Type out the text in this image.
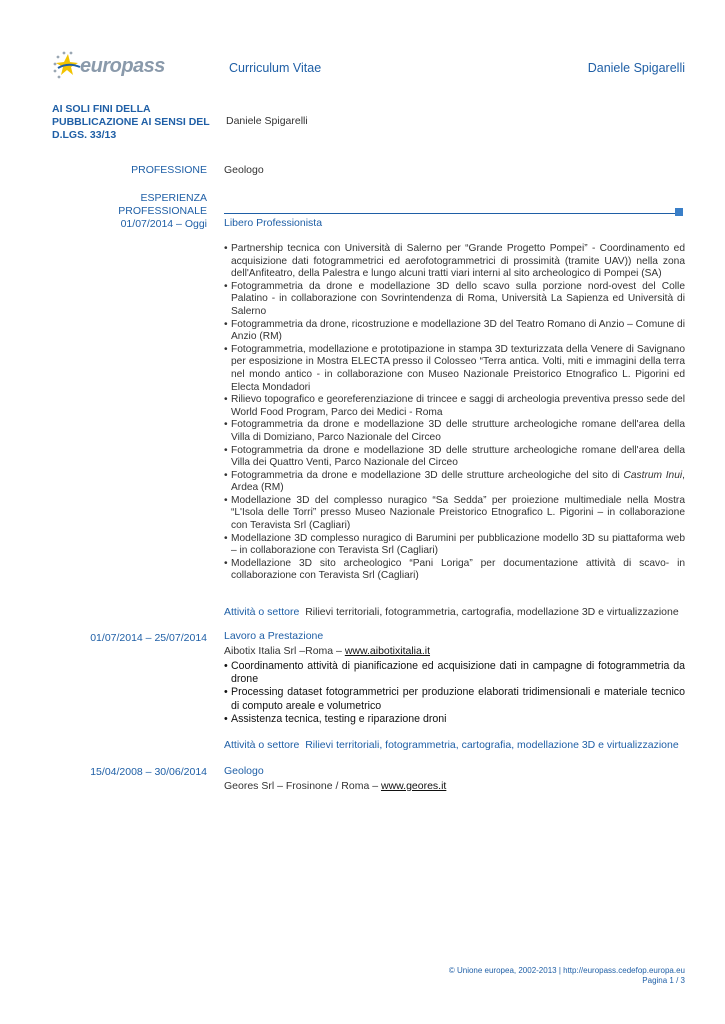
europass	Curriculum Vitae	Daniele Spigarelli
AI SOLI FINI DELLA PUBBLICAZIONE AI SENSI DEL D.LGS. 33/13
Daniele Spigarelli
PROFESSIONE Geologo
ESPERIENZA
PROFESSIONALE
01/07/2014 – Oggi Libero Professionista
• Partnership tecnica con Università di Salerno per “Grande Progetto Pompei” - Coordinamento ed acquisizione dati fotogrammetrici ed aerofotogrammetrici di prossimità (tramite UAV)) nella zona dell'Anfiteatro, della Palestra e lungo alcuni tratti viari interni al sito archeologico di Pompei (SA)
• Fotogrammetria da drone e modellazione 3D dello scavo sulla porzione nord-ovest del Colle Palatino - in collaborazione con Sovrintendenza di Roma, Università La Sapienza ed Università di Salerno
• Fotogrammetria da drone, ricostruzione e modellazione 3D del Teatro Romano di Anzio – Comune di Anzio (RM)
• Fotogrammetria, modellazione e prototipazione in stampa 3D texturizzata della Venere di Savignano per esposizione in Mostra ELECTA presso il Colosseo “Terra antica. Volti, miti e immagini della terra nel mondo antico - in collaborazione con Museo Nazionale Preistorico Etnografico L. Pigorini ed Electa Mondadori
• Rilievo topografico e georeferenziazione di trincee e saggi di archeologia preventiva presso sede del World Food Program, Parco dei Medici - Roma
• Fotogrammetria da drone e modellazione 3D delle strutture archeologiche romane dell'area della Villa di Domiziano, Parco Nazionale del Circeo
• Fotogrammetria da drone e modellazione 3D delle strutture archeologiche romane dell'area della Villa dei Quattro Venti, Parco Nazionale del Circeo
• Fotogrammetria da drone e modellazione 3D delle strutture archeologiche del sito di Castrum Inui, Ardea (RM)
• Modellazione 3D del complesso nuragico “Sa Sedda” per proiezione multimediale nella Mostra “L'Isola delle Torri” presso Museo Nazionale Preistorico Etnografico L. Pigorini – in collaborazione con Teravista Srl (Cagliari)
• Modellazione 3D complesso nuragico di Barumini per pubblicazione modello 3D su piattaforma web – in collaborazione con Teravista Srl (Cagliari)
• Modellazione 3D sito archeologico “Pani Loriga” per documentazione attività di scavo- in collaborazione con Teravista Srl (Cagliari)
Attività o settore Rilievi territoriali, fotogrammetria, cartografia, modellazione 3D e virtualizzazione
01/07/2014 – 25/07/2014 Lavoro a Prestazione
Aibotix Italia Srl –Roma – www.aibotixitalia.it
• Coordinamento attività di pianificazione ed acquisizione dati in campagne di fotogrammetria da drone
• Processing dataset fotogrammetrici per produzione elaborati tridimensionali e materiale tecnico di computo areale e volumetrico
• Assistenza tecnica, testing e riparazione droni
Attività o settore Rilievi territoriali, fotogrammetria, cartografia, modellazione 3D e virtualizzazione
15/04/2008 – 30/06/2014 Geologo
Geores Srl – Frosinone / Roma – www.geores.it
© Unione europea, 2002-2013 | http://europass.cedefop.europa.eu
Pagina 1 / 3
